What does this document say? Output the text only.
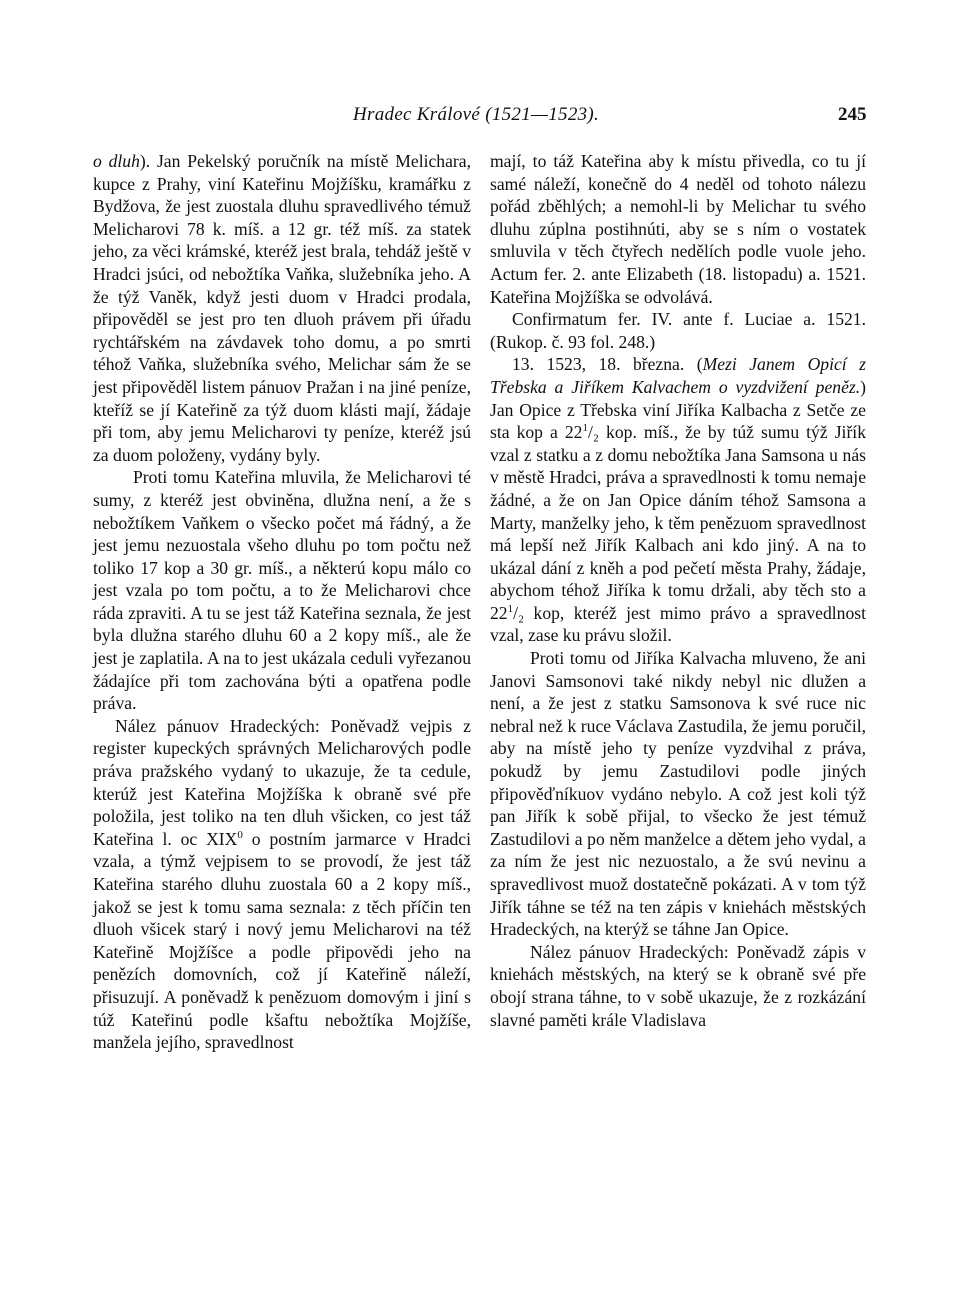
Hradec Králové (1521—1523).	245

o dluh). Jan Pekelský poručník na místě Melichara, kupce z Prahy, viní Kateřinu Mojžíšku, kramářku z Bydžova, že jest zuostala dluhu spravedlivého témuž Melicharovi 78 k. míš. a 12 gr. též míš. za statek jeho, za věci krámské, kteréž jest brala, tehdáž ještě v Hradci jsúci, od nebožtíka Vaňka, služebníka jeho. A že týž Vaněk, když jesti duom v Hradci prodala, připověděl se jest pro ten dluoh právem při úřadu rychtářském na závdavek toho domu, a po smrti téhož Vaňka, služebníka svého, Melichar sám že se jest připověděl listem pánuov Pražan i na jiné peníze, kteříž se jí Kateřině za týž duom klásti mají, žádaje při tom, aby jemu Melicharovi ty peníze, kteréž jsú za duom položeny, vydány byly.

Proti tomu Kateřina mluvila, že Melicharovi té sumy, z kteréž jest obviněna, dlužna není, a že s nebožtíkem Vaňkem o všecko počet má řádný, a že jest jemu nezuostala všeho dluhu po tom počtu než toliko 17 kop a 30 gr. míš., a některú kopu málo co jest vzala po tom počtu, a to že Melicharovi chce ráda zpraviti. A tu se jest táž Kateřina seznala, že jest byla dlužna starého dluhu 60 a 2 kopy míš., ale že jest je zaplatila. A na to jest ukázala ceduli vyřezanou žádajíce při tom zachována býti a opatřena podle práva.

Nález pánuov Hradeckých: Poněvadž vejpis z register kupeckých správných Melicharových podle práva pražského vydaný to ukazuje, že ta cedule, kterúž jest Kateřina Mojžíška k obraně své pře položila, jest toliko na ten dluh všicken, co jest táž Kateřina l. oc XIX$^0$ o postním jarmarce v Hradci vzala, a týmž vejpisem to se provodí, že jest táž Kateřina starého dluhu zuostala 60 a 2 kopy míš., jakož se jest k tomu sama seznala: z těch příčin ten dluoh všicek starý i nový jemu Melicharovi na též Kateřině Mojžíšce a podle připovědi jeho na penězích domovních, což jí Kateřině náleží, přisuzují. A poněvadž k penězuom domovým i jiní s túž Kateřinú podle kšaftu nebožtíka Mojžíše, manžela jejího, spravedlnost

mají, to táž Kateřina aby k místu přivedla, co tu jí samé náleží, konečně do 4 neděl od tohoto nálezu pořád zběhlých; a nemohl-li by Melichar tu svého dluhu zúplna postihnúti, aby se s ním o vostatek smluvila v těch čtyřech nedělích podle vuole jeho. Actum fer. 2. ante Elizabeth (18. listopadu) a. 1521. Kateřina Mojžíška se odvolává.

Confirmatum fer. IV. ante f. Luciae a. 1521. (Rukop. č. 93 fol. 248.)

13. 1523, 18. března. (Mezi Janem Opicí z Třebska a Jiříkem Kalvachem o vyzdvižení peněz.) Jan Opice z Třebska viní Jiříka Kalbacha z Setče ze sta kop a $22^1/_2$ kop. míš., že by túž sumu týž Jiřík vzal z statku a z domu nebožtíka Jana Samsona u nás v městě Hradci, práva a spravedlnosti k tomu nemaje žádné, a že on Jan Opice dáním téhož Samsona a Marty, manželky jeho, k těm penězuom spravedlnost má lepší než Jiřík Kalbach ani kdo jiný. A na to ukázal dání z kněh a pod pečetí města Prahy, žádaje, abychom téhož Jiříka k tomu držali, aby těch sto a $22^1/_2$ kop, kteréž jest mimo právo a spravedlnost vzal, zase ku právu složil.

Proti tomu od Jiříka Kalvacha mluveno, že ani Janovi Samsonovi také nikdy nebyl nic dlužen a není, a že jest z statku Samsonova k své ruce nic nebral než k ruce Václava Zastudila, že jemu poručil, aby na místě jeho ty peníze vyzdvihal z práva, pokudž by jemu Zastudilovi podle jiných připověďníkuov vydáno nebylo. A což jest koli týž pan Jiřík k sobě přijal, to všecko že jest témuž Zastudilovi a po něm manželce a dětem jeho vydal, a za ním že jest nic nezuostalo, a že svú nevinu a spravedlivost muož dostatečně pokázati. A v tom týž Jiřík táhne se též na ten zápis v kniehách městských Hradeckých, na kterýž se táhne Jan Opice.

Nález pánuov Hradeckých: Poněvadž zápis v kniehách městských, na který se k obraně své pře obojí strana táhne, to v sobě ukazuje, že z rozkázání slavné paměti krále Vladislava
